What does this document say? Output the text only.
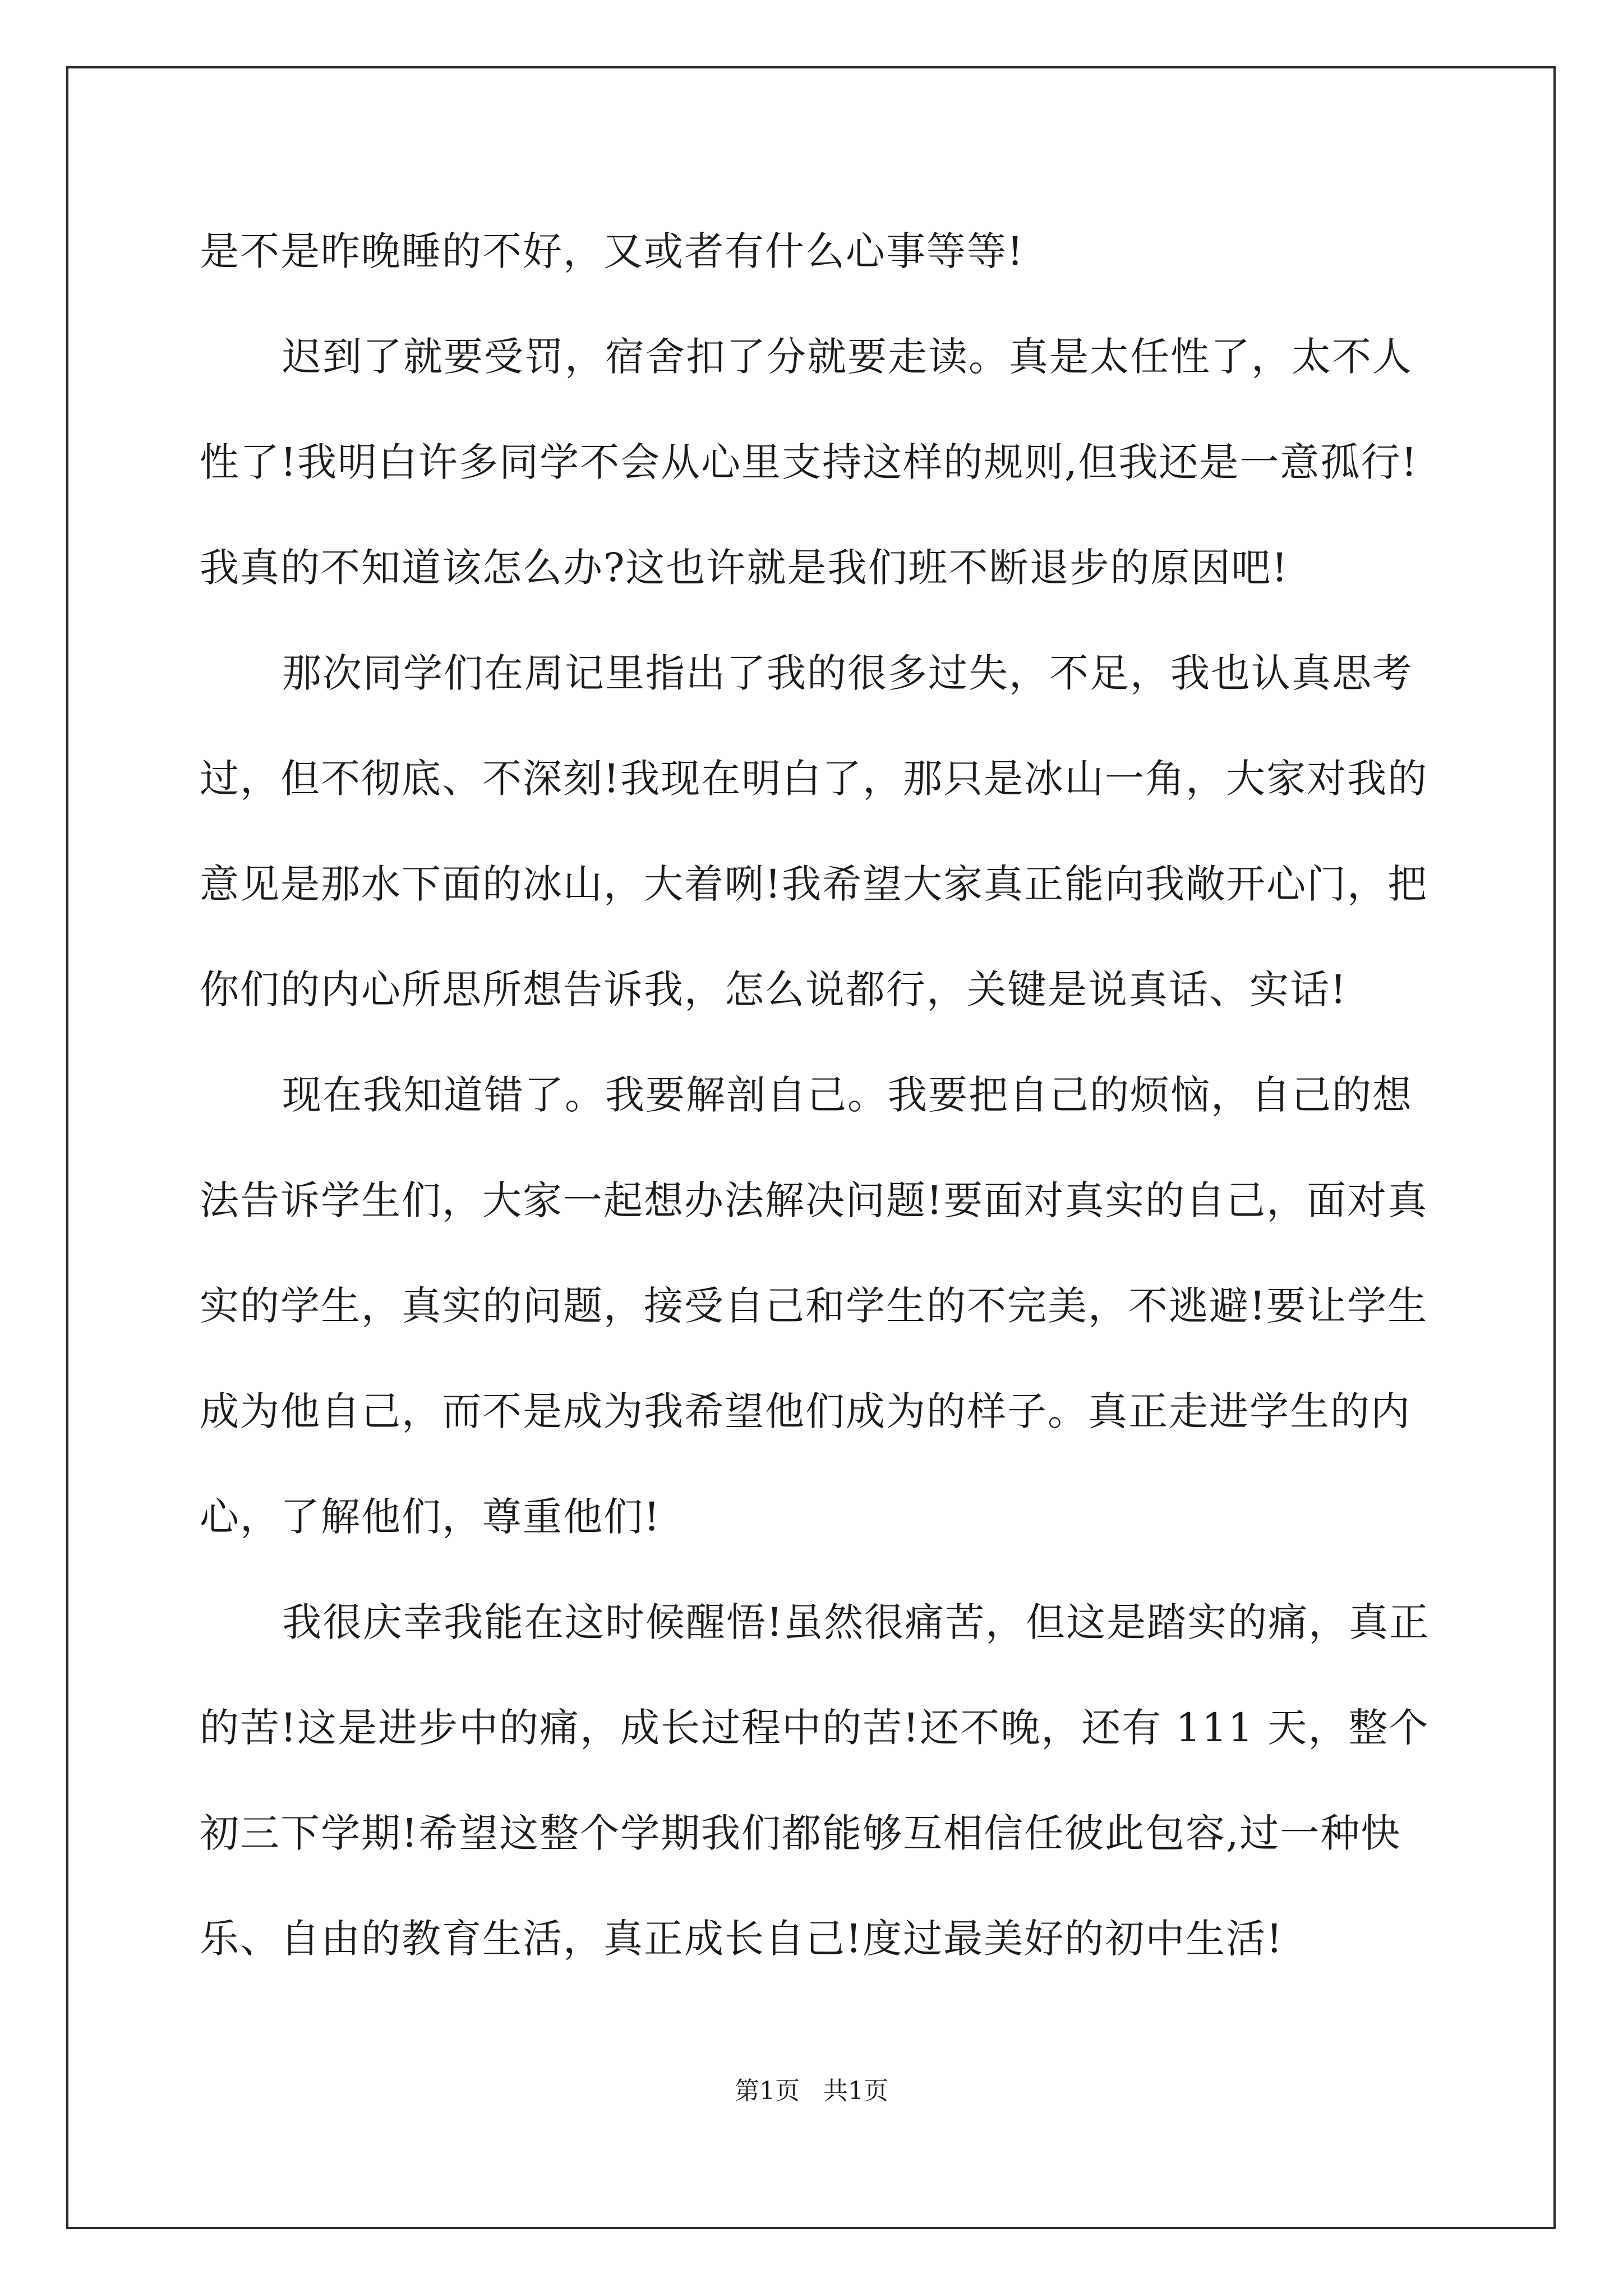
是不是昨晚睡的不好，又或者有什么心事等等!
迟到了就要受罚，宿舍扣了分就要走读。真是太任性了，太不人
性了!我明白许多同学不会从心里支持这样的规则,但我还是一意孤行!
我真的不知道该怎么办?这也许就是我们班不断退步的原因吧!
那次同学们在周记里指出了我的很多过失，不足，我也认真思考
过，但不彻底、不深刻!我现在明白了，那只是冰山一角，大家对我的
意见是那水下面的冰山，大着咧!我希望大家真正能向我敞开心门，把
你们的内心所思所想告诉我，怎么说都行，关键是说真话、实话!
现在我知道错了。我要解剖自己。我要把自己的烦恼，自己的想
法告诉学生们，大家一起想办法解决问题!要面对真实的自己，面对真
实的学生，真实的问题，接受自己和学生的不完美，不逃避!要让学生
成为他自己，而不是成为我希望他们成为的样子。真正走进学生的内
心，了解他们，尊重他们!
我很庆幸我能在这时候醒悟!虽然很痛苦，但这是踏实的痛，真正
的苦!这是进步中的痛，成长过程中的苦!还不晚，还有 111 天，整个
初三下学期!希望这整个学期我们都能够互相信任彼此包容,过一种快
乐、自由的教育生活，真正成长自己!度过最美好的初中生活!
第1页   共1页
